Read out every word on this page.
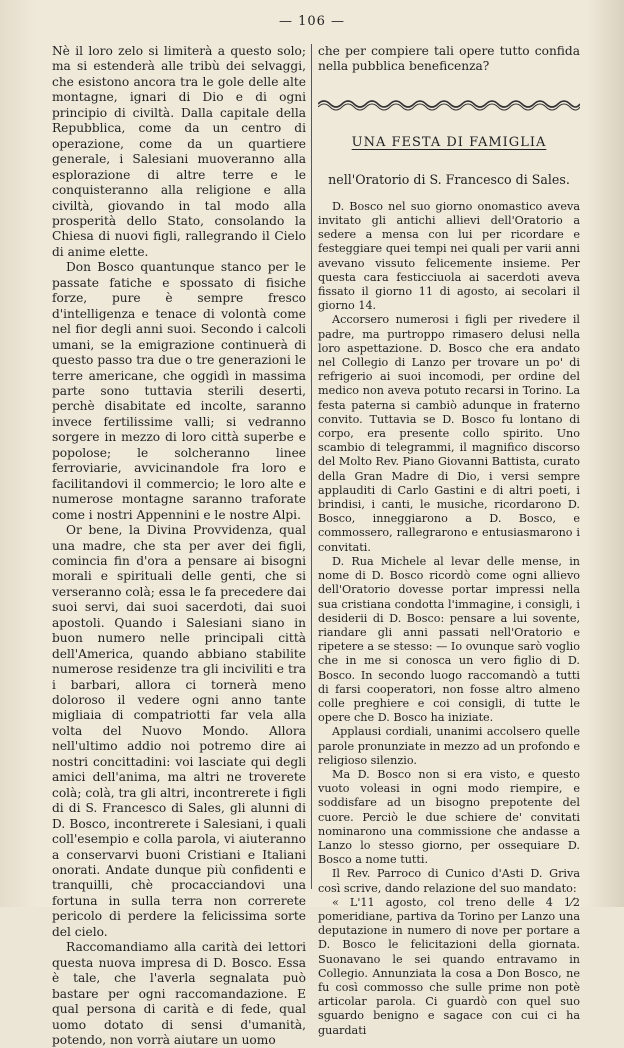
— 106 —

Nè il loro zelo si limiterà a questo solo; ma si estenderà alle tribù dei selvaggi, che esistono ancora tra le gole delle alte montagne, ignari di Dio e di ogni principio di civiltà. Dalla capitale della Repubblica, come da un centro di operazione, come da un quartiere generale, i Salesiani muoveranno alla esplorazione di altre terre e le conquisteranno alla religione e alla civiltà, giovando in tal modo alla prosperità dello Stato, consolando la Chiesa di nuovi figli, rallegrando il Cielo di anime elette.

Don Bosco quantunque stanco per le passate fatiche e spossato di fisiche forze, pure è sempre fresco d'intelligenza e tenace di volontà come nel fior degli anni suoi. Secondo i calcoli umani, se la emigrazione continuerà di questo passo tra due o tre generazioni le terre americane, che oggidì in massima parte sono tuttavia sterili deserti, perchè disabitate ed incolte, saranno invece fertilissime valli; si vedranno sorgere in mezzo di loro città superbe e popolose; le solcheranno linee ferroviarie, avvicinandole fra loro e facilitandovi il commercio; le loro alte e numerose montagne saranno traforate come i nostri Appennini e le nostre Alpi.

Or bene, la Divina Provvidenza, qual una madre, che sta per aver dei figli, comincia fin d'ora a pensare ai bisogni morali e spirituali delle genti, che si verseranno colà; essa le fa precedere dai suoi servi, dai suoi sacerdoti, dai suoi apostoli. Quando i Salesiani siano in buon numero nelle principali città dell'America, quando abbiano stabilite numerose residenze tra gli inciviliti e tra i barbari, allora ci tornerà meno doloroso il vedere ogni anno tante migliaia di compatriotti far vela alla volta del Nuovo Mondo. Allora nell'ultimo addio noi potremo dire ai nostri concittadini: voi lasciate qui degli amici dell'anima, ma altri ne troverete colà; colà, tra gli altri, incontrerete i figli di di S. Francesco di Sales, gli alunni di D. Bosco, incontrerete i Salesiani, i quali coll'esempio e colla parola, vi aiuteranno a conservarvi buoni Cristiani e Italiani onorati. Andate dunque più confidenti e tranquilli, chè procacciandovi una fortuna in sulla terra non correrete pericolo di perdere la felicissima sorte del cielo.

Raccomandiamo alla carità dei lettori questa nuova impresa di D. Bosco. Essa è tale, che l'averla segnalata può bastare per ogni raccomandazione. E qual persona di carità e di fede, qual uomo dotato di sensi d'umanità, potendo, non vorrà aiutare un uomo

che per compiere tali opere tutto confida nella pubblica beneficenza?

UNA FESTA DI FAMIGLIA
nell'Oratorio di S. Francesco di Sales.

D. Bosco nel suo giorno onomastico aveva invitato gli antichi allievi dell'Oratorio a sedere a mensa con lui per ricordare e festeggiare quei tempi nei quali per varii anni avevano vissuto felicemente insieme. Per questa cara festicciuola ai sacerdoti aveva fissato il giorno 11 di agosto, ai secolari il giorno 14.

Accorsero numerosi i figli per rivedere il padre, ma purtroppo rimasero delusi nella loro aspettazione. D. Bosco che era andato nel Collegio di Lanzo per trovare un po' di refrigerio ai suoi incomodi, per ordine del medico non aveva potuto recarsi in Torino. La festa paterna si cambiò adunque in fraterno convito. Tuttavia se D. Bosco fu lontano di corpo, era presente collo spirito. Uno scambio di telegrammi, il magnifico discorso del Molto Rev. Piano Giovanni Battista, curato della Gran Madre di Dio, i versi sempre applauditi di Carlo Gastini e di altri poeti, i brindisi, i canti, le musiche, ricordarono D. Bosco, inneggiarono a D. Bosco, e commossero, rallegrarono e entusiasmarono i convitati.

D. Rua Michele al levar delle mense, in nome di D. Bosco ricordò come ogni allievo dell'Oratorio dovesse portar impressi nella sua cristiana condotta l'immagine, i consigli, i desiderii di D. Bosco: pensare a lui sovente, riandare gli anni passati nell'Oratorio e ripetere a se stesso: — Io ovunque sarò voglio che in me si conosca un vero figlio di D. Bosco. In secondo luogo raccomandò a tutti di farsi cooperatori, non fosse altro almeno colle preghiere e coi consigli, di tutte le opere che D. Bosco ha iniziate.

Applausi cordiali, unanimi accolsero quelle parole pronunziate in mezzo ad un profondo e religioso silenzio.

Ma D. Bosco non si era visto, e questo vuoto voleasi in ogni modo riempire, e soddisfare ad un bisogno prepotente del cuore. Perciò le due schiere de' convitati nominarono una commissione che andasse a Lanzo lo stesso giorno, per ossequiare D. Bosco a nome tutti.

Il Rev. Parroco di Cunico d'Asti D. Griva così scrive, dando relazione del suo mandato:

« L'11 agosto, col treno delle 4 1⁄2 pomeridiane, partiva da Torino per Lanzo una deputazione in numero di nove per portare a D. Bosco le felicitazioni della giornata. Suonavano le sei quando entravamo in Collegio. Annunziata la cosa a Don Bosco, ne fu così commosso che sulle prime non potè articolar parola. Ci guardò con quel suo sguardo benigno e sagace con cui ci ha guardati
